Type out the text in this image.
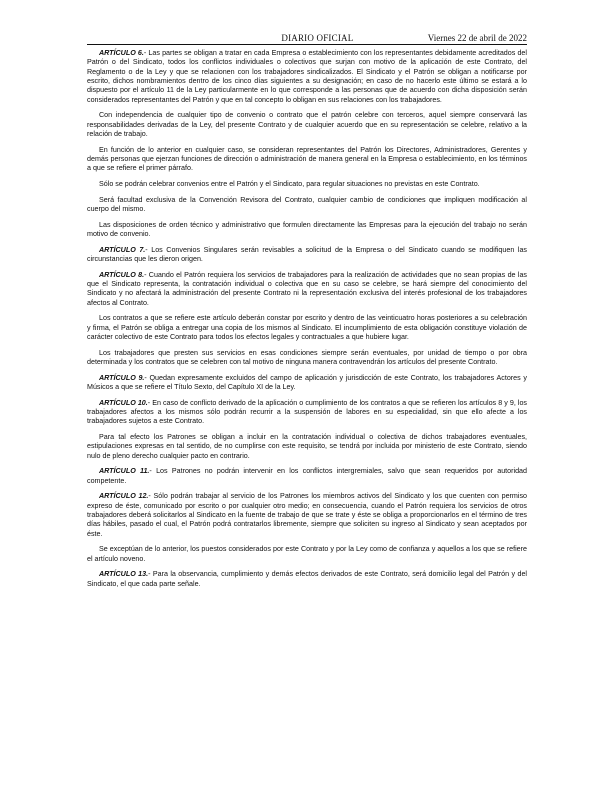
DIARIO OFICIAL	Viernes 22 de abril de 2022

ARTÍCULO 6.- Las partes se obligan a tratar en cada Empresa o establecimiento con los representantes debidamente acreditados del Patrón o del Sindicato, todos los conflictos individuales o colectivos que surjan con motivo de la aplicación de este Contrato, del Reglamento o de la Ley y que se relacionen con los trabajadores sindicalizados. El Sindicato y el Patrón se obligan a notificarse por escrito, dichos nombramientos dentro de los cinco días siguientes a su designación; en caso de no hacerlo este último se estará a lo dispuesto por el artículo 11 de la Ley particularmente en lo que corresponde a las personas que de acuerdo con dicha disposición serán considerados representantes del Patrón y que en tal concepto lo obligan en sus relaciones con los trabajadores.

Con independencia de cualquier tipo de convenio o contrato que el patrón celebre con terceros, aquel siempre conservará las responsabilidades derivadas de la Ley, del presente Contrato y de cualquier acuerdo que en su representación se celebre, relativo a la relación de trabajo.

En función de lo anterior en cualquier caso, se consideran representantes del Patrón los Directores, Administradores, Gerentes y demás personas que ejerzan funciones de dirección o administración de manera general en la Empresa o establecimiento, en los términos a que se refiere el primer párrafo.

Sólo se podrán celebrar convenios entre el Patrón y el Sindicato, para regular situaciones no previstas en este Contrato.

Será facultad exclusiva de la Convención Revisora del Contrato, cualquier cambio de condiciones que impliquen modificación al cuerpo del mismo.

Las disposiciones de orden técnico y administrativo que formulen directamente las Empresas para la ejecución del trabajo no serán motivo de convenio.

ARTÍCULO 7.- Los Convenios Singulares serán revisables a solicitud de la Empresa o del Sindicato cuando se modifiquen las circunstancias que les dieron origen.

ARTÍCULO 8.- Cuando el Patrón requiera los servicios de trabajadores para la realización de actividades que no sean propias de las que el Sindicato representa, la contratación individual o colectiva que en su caso se celebre, se hará siempre del conocimiento del Sindicato y no afectará la administración del presente Contrato ni la representación exclusiva del interés profesional de los trabajadores afectos al Contrato.

Los contratos a que se refiere este artículo deberán constar por escrito y dentro de las veinticuatro horas posteriores a su celebración y firma, el Patrón se obliga a entregar una copia de los mismos al Sindicato. El incumplimiento de esta obligación constituye violación de carácter colectivo de este Contrato para todos los efectos legales y contractuales a que hubiere lugar.

Los trabajadores que presten sus servicios en esas condiciones siempre serán eventuales, por unidad de tiempo o por obra determinada y los contratos que se celebren con tal motivo de ninguna manera contravendrán los artículos del presente Contrato.

ARTÍCULO 9.- Quedan expresamente excluidos del campo de aplicación y jurisdicción de este Contrato, los trabajadores Actores y Músicos a que se refiere el Título Sexto, del Capítulo XI de la Ley.

ARTÍCULO 10.- En caso de conflicto derivado de la aplicación o cumplimiento de los contratos a que se refieren los artículos 8 y 9, los trabajadores afectos a los mismos sólo podrán recurrir a la suspensión de labores en su especialidad, sin que ello afecte a los trabajadores sujetos a este Contrato.

Para tal efecto los Patrones se obligan a incluir en la contratación individual o colectiva de dichos trabajadores eventuales, estipulaciones expresas en tal sentido, de no cumplirse con este requisito, se tendrá por incluida por ministerio de este Contrato, siendo nulo de pleno derecho cualquier pacto en contrario.

ARTÍCULO 11.- Los Patrones no podrán intervenir en los conflictos intergremiales, salvo que sean requeridos por autoridad competente.

ARTÍCULO 12.- Sólo podrán trabajar al servicio de los Patrones los miembros activos del Sindicato y los que cuenten con permiso expreso de éste, comunicado por escrito o por cualquier otro medio; en consecuencia, cuando el Patrón requiera los servicios de otros trabajadores deberá solicitarlos al Sindicato en la fuente de trabajo de que se trate y éste se obliga a proporcionarlos en el término de tres días hábiles, pasado el cual, el Patrón podrá contratarlos libremente, siempre que soliciten su ingreso al Sindicato y sean aceptados por éste.

Se exceptúan de lo anterior, los puestos considerados por este Contrato y por la Ley como de confianza y aquellos a los que se refiere el artículo noveno.

ARTÍCULO 13.- Para la observancia, cumplimiento y demás efectos derivados de este Contrato, será domicilio legal del Patrón y del Sindicato, el que cada parte señale.
